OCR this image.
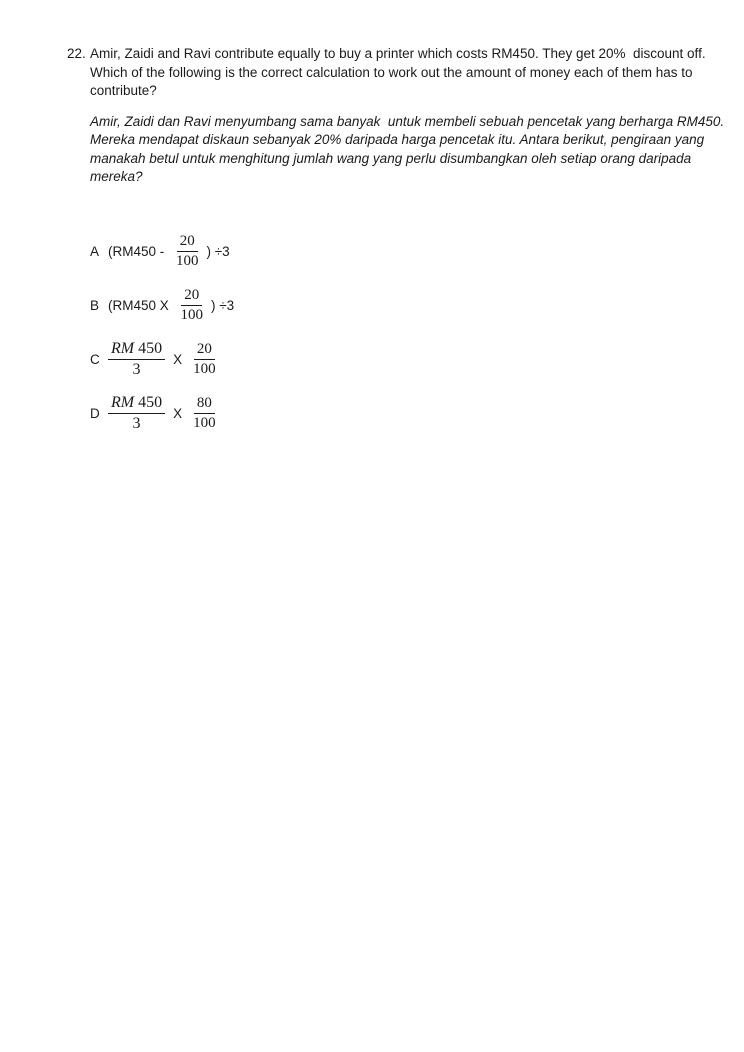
22. Amir, Zaidi and Ravi contribute equally to buy a printer which costs RM450. They get 20%  discount off.
Which of the following is the correct calculation to work out the amount of money each of them has to
contribute?
Amir, Zaidi dan Ravi menyumbang sama banyak  untuk membeli sebuah pencetak yang berharga RM450.
Mereka mendapat diskaun sebanyak 20% daripada harga pencetak itu. Antara berikut, pengiraan yang
manakah betul untuk menghitung jumlah wang yang perlu disumbangkan oleh setiap orang daripada
mereka?
A ($RM450 - \frac{20}{100}$ ) ÷3
B (RM450 X $\frac{20}{100}$ ) ÷3
C $\frac{RM 450}{3}$ X $\frac{20}{100}$
D $\frac{RM 450}{3}$ X $\frac{80}{100}$
